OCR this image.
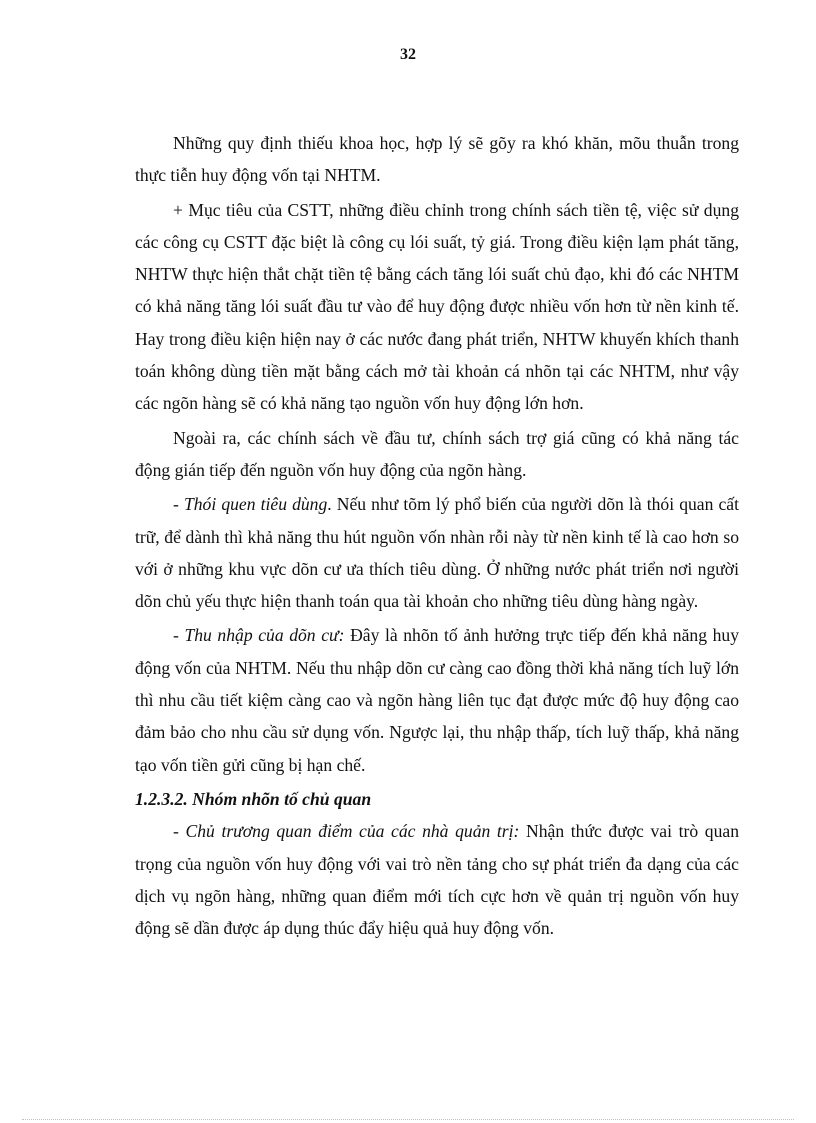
32

Những quy định thiếu khoa học, hợp lý sẽ gõy ra khó khăn, mõu thuẫn trong thực tiễn huy động vốn tại NHTM.

+ Mục tiêu của CSTT, những điều chỉnh trong chính sách tiền tệ, việc sử dụng các công cụ CSTT đặc biệt là công cụ lói suất, tỷ giá. Trong điều kiện lạm phát tăng, NHTW thực hiện thắt chặt tiền tệ bằng cách tăng lói suất chủ đạo, khi đó các NHTM có khả năng tăng lói suất đầu tư vào để huy động được nhiều vốn hơn từ nền kinh tế. Hay trong điều kiện hiện nay ở các nước đang phát triển, NHTW khuyến khích thanh toán không dùng tiền mặt bằng cách mở tài khoản cá nhõn tại các NHTM, như vậy các ngõn hàng sẽ có khả năng tạo nguồn vốn huy động lớn hơn.

Ngoài ra, các chính sách về đầu tư, chính sách trợ giá cũng có khả năng tác động gián tiếp đến nguồn vốn huy động của ngõn hàng.

- Thói quen tiêu dùng. Nếu như tõm lý phổ biến của người dõn là thói quan cất trữ, để dành thì khả năng thu hút nguồn vốn nhàn rỗi này từ nền kinh tế là cao hơn so với ở những khu vực dõn cư ưa thích tiêu dùng. Ở những nước phát triển nơi người dõn chủ yếu thực hiện thanh toán qua tài khoản cho những tiêu dùng hàng ngày.

- Thu nhập của dõn cư: Đây là nhõn tố ảnh hưởng trực tiếp đến khả năng huy động vốn của NHTM. Nếu thu nhập dõn cư càng cao đồng thời khả năng tích luỹ lớn thì nhu cầu tiết kiệm càng cao và ngõn hàng liên tục đạt được mức độ huy động cao đảm bảo cho nhu cầu sử dụng vốn. Ngược lại, thu nhập thấp, tích luỹ thấp, khả năng tạo vốn tiền gửi cũng bị hạn chế.

1.2.3.2. Nhóm nhõn tố chủ quan

- Chủ trương quan điểm của các nhà quản trị: Nhận thức được vai trò quan trọng của nguồn vốn huy động với vai trò nền tảng cho sự phát triển đa dạng của các dịch vụ ngõn hàng, những quan điểm mới tích cực hơn về quản trị nguồn vốn huy động sẽ dần được áp dụng thúc đẩy hiệu quả huy động vốn.
